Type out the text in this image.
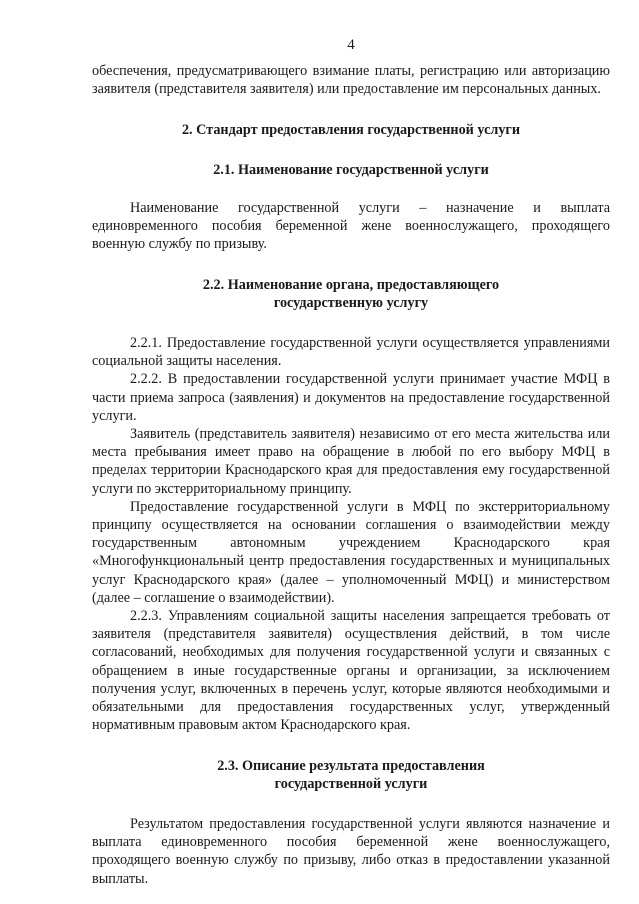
4

обеспечения, предусматривающего взимание платы, регистрацию или авторизацию заявителя (представителя заявителя) или предоставление им персональных данных.

2. Стандарт предоставления государственной услуги
2.1. Наименование государственной услуги

Наименование государственной услуги – назначение и выплата единовременного пособия беременной жене военнослужащего, проходящего военную службу по призыву.

2.2. Наименование органа, предоставляющего
государственную услугу

2.2.1. Предоставление государственной услуги осуществляется управлениями социальной защиты населения.

2.2.2. В предоставлении государственной услуги принимает участие МФЦ в части приема запроса (заявления) и документов на предоставление государственной услуги.

Заявитель (представитель заявителя) независимо от его места жительства или места пребывания имеет право на обращение в любой по его выбору МФЦ в пределах территории Краснодарского края для предоставления ему государственной услуги по экстерриториальному принципу.

Предоставление государственной услуги в МФЦ по экстерриториальному принципу осуществляется на основании соглашения о взаимодействии между государственным автономным учреждением Краснодарского края «Многофункциональный центр предоставления государственных и муниципальных услуг Краснодарского края» (далее – уполномоченный МФЦ) и министерством (далее – соглашение о взаимодействии).

2.2.3. Управлениям социальной защиты населения запрещается требовать от заявителя (представителя заявителя) осуществления действий, в том числе согласований, необходимых для получения государственной услуги и связанных с обращением в иные государственные органы и организации, за исключением получения услуг, включенных в перечень услуг, которые являются необходимыми и обязательными для предоставления государственных услуг, утвержденный нормативным правовым актом Краснодарского края.

2.3. Описание результата предоставления
государственной услуги

Результатом предоставления государственной услуги являются назначение и выплата единовременного пособия беременной жене военнослужащего, проходящего военную службу по призыву, либо отказ в предоставлении указанной выплаты.
